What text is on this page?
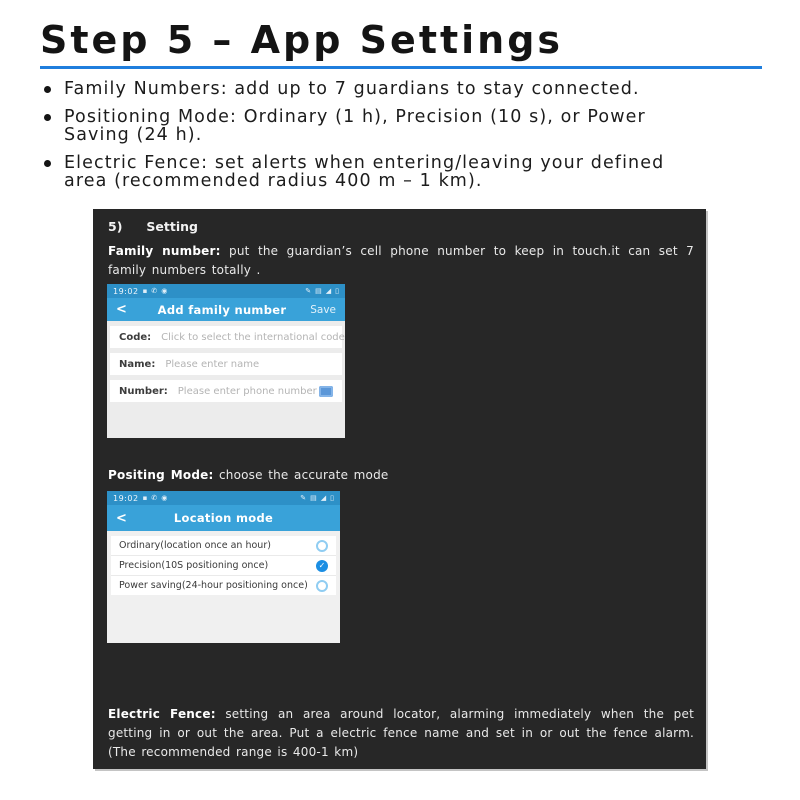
Step 5 – App Settings
Family Numbers: add up to 7 guardians to stay connected.
Positioning Mode: Ordinary (1 h), Precision (10 s), or Power
Saving (24 h).
Electric Fence: set alerts when entering/leaving your defined
area (recommended radius 400 m – 1 km).
5) Setting

Family number: put the guardian’s cell phone number to keep in touch.it can set 7 family numbers totally .

19:02 ▪ ✆ ◉	✎ ▤ ◢ ▯
<	Add family number	Save
Code: Click to select the international code
Name: Please enter name
Number: Please enter phone number

Positing Mode: choose the accurate mode

19:02 ▪ ✆ ◉	✎ ▤ ◢ ▯
<	Location mode
Ordinary(location once an hour)
Precision(10S positioning once)	✓
Power saving(24-hour positioning once)

Electric Fence: setting an area around locator, alarming immediately when the pet getting in or out the area. Put a electric fence name and set in or out the fence alarm.(The recommended range is 400-1 km)
